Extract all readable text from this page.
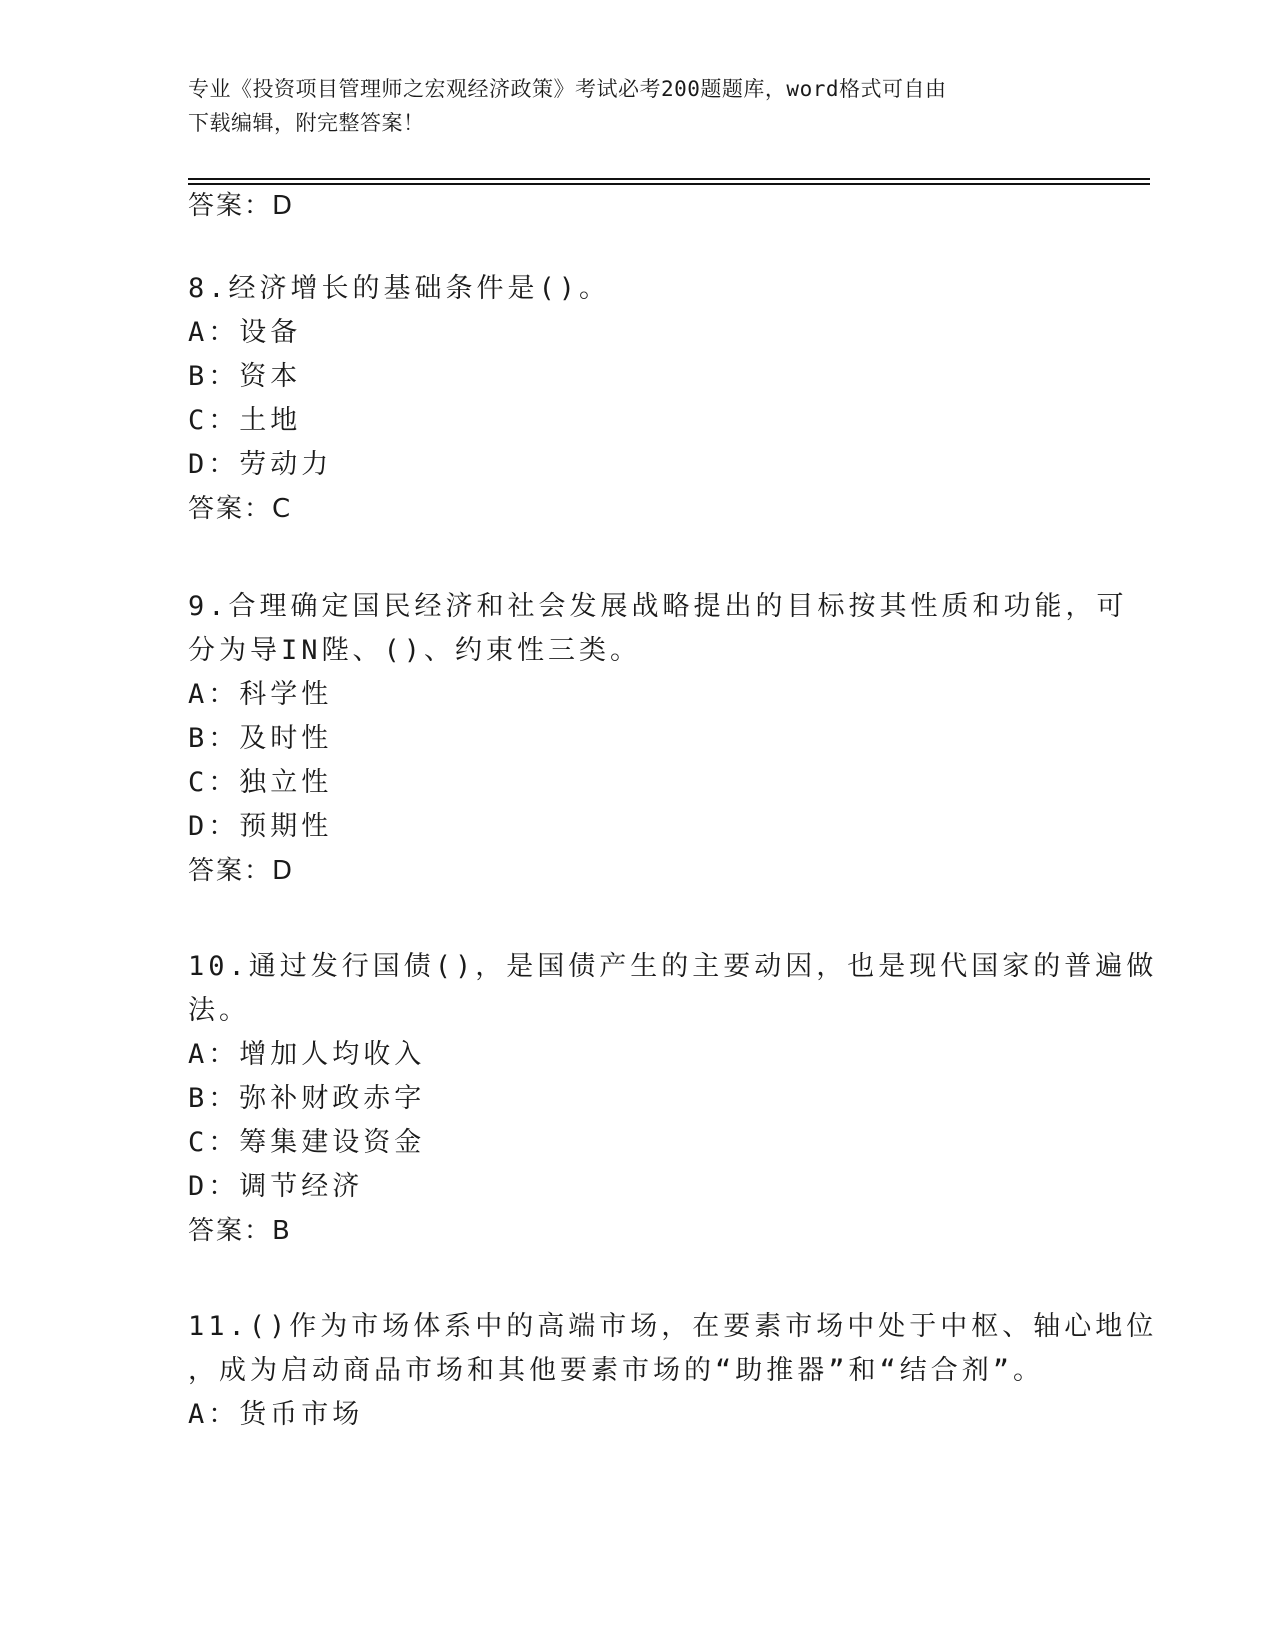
专业《投资项目管理师之宏观经济政策》考试必考200题题库，word格式可自由
下载编辑，附完整答案！
答案：D
8.经济增长的基础条件是()。
A：设备
B：资本
C：土地
D：劳动力
答案：C
9.合理确定国民经济和社会发展战略提出的目标按其性质和功能，可
分为导IN陛、()、约束性三类。
A：科学性
B：及时性
C：独立性
D：预期性
答案：D
10.通过发行国债()，是国债产生的主要动因，也是现代国家的普遍做
法。
A：增加人均收入
B：弥补财政赤字
C：筹集建设资金
D：调节经济
答案：B
11.()作为市场体系中的高端市场，在要素市场中处于中枢、轴心地位
，成为启动商品市场和其他要素市场的“助推器”和“结合剂”。
A：货币市场
